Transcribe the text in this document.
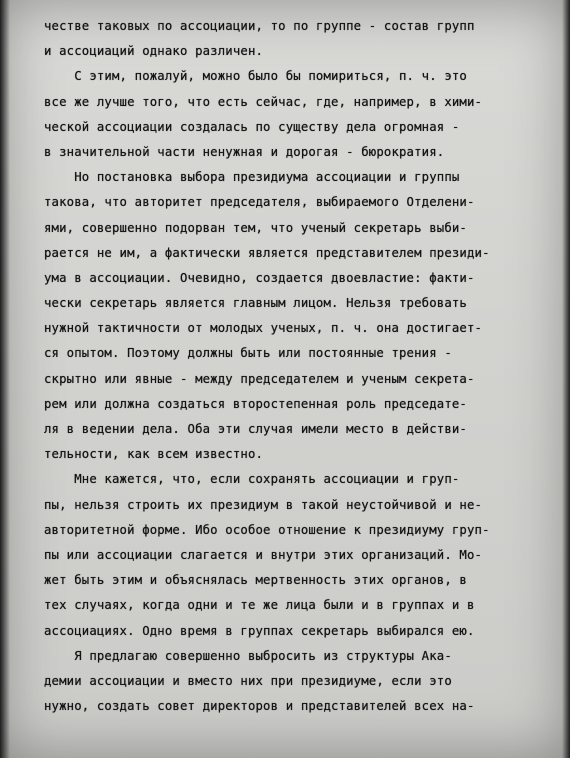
честве таковых по ассоциации, то по группе - состав групп
и ассоциаций однако различен.
С этим, пожалуй, можно было бы помириться, п. ч. это
все же лучше того, что есть сейчас, где, например, в хими-
ческой ассоциации создалась по существу дела огромная -
в значительной части ненужная и дорогая - бюрократия.
Но постановка выбора президиума ассоциации и группы
такова, что авторитет председателя, выбираемого Отделени-
ями, совершенно подорван тем, что ученый секретарь выби-
рается не им, а фактически является представителем президи-
ума в ассоциации. Очевидно, создается двоевластие: факти-
чески секретарь является главным лицом. Нельзя требовать
нужной тактичности от молодых ученых, п. ч. она достигает-
ся опытом. Поэтому должны быть или постоянные трения -
скрытно или явные - между председателем и ученым секрета-
рем или должна создаться второстепенная роль председате-
ля в ведении дела. Оба эти случая имели место в действи-
тельности, как всем известно.
Мне кажется, что, если сохранять ассоциации и груп-
пы, нельзя строить их президиум в такой неустойчивой и не-
авторитетной форме. Ибо особое отношение к президиуму груп-
пы или ассоциации слагается и внутри этих организаций. Мо-
жет быть этим и объяснялась мертвенность этих органов, в
тех случаях, когда одни и те же лица были и в группах и в
ассоциациях. Одно время в группах секретарь выбирался ею.
Я предлагаю совершенно выбросить из структуры Ака-
демии ассоциации и вместо них при президиуме, если это
нужно, создать совет директоров и представителей всех на-
